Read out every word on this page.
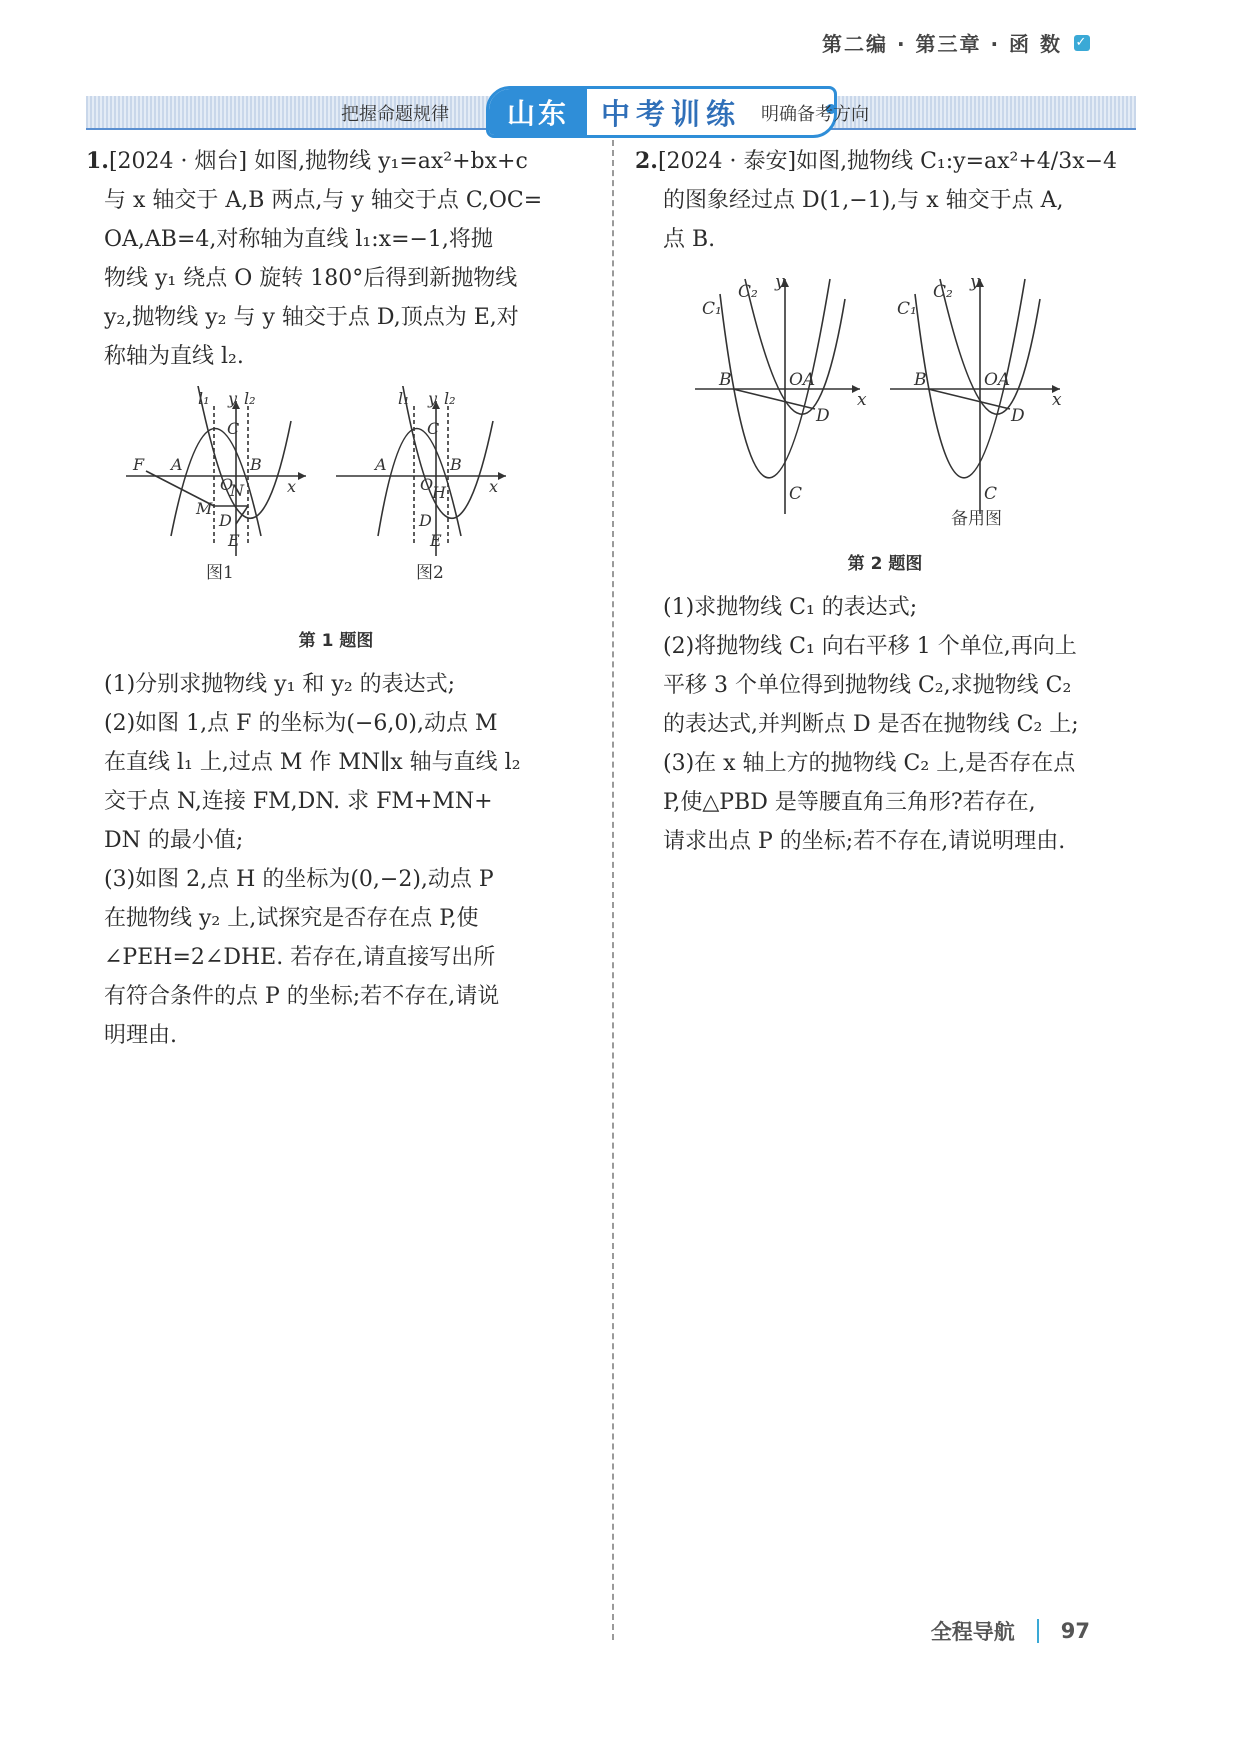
第二编 · 第三章 · 函 数 ✓
把握命题规律	山东	中考训练 明确备考方向

1.[2024 · 烟台] 如图,抛物线 y₁=ax²+bx+c

与 x 轴交于 A,B 两点,与 y 轴交于点 C,OC=

OA,AB=4,对称轴为直线 l₁:x=−1,将抛

物线 y₁ 绕点 O 旋转 180°后得到新抛物线

y₂,抛物线 y₂ 与 y 轴交于点 D,顶点为 E,对

称轴为直线 l₂.

F A	B
C
O
N
M
D
E
x
y
l₁ l₂
图1
A	B
C
O
H
D
E
x
y
l₁ l₂
图2
第 1 题图

(1)分别求抛物线 y₁ 和 y₂ 的表达式;

(2)如图 1,点 F 的坐标为(−6,0),动点 M

在直线 l₁ 上,过点 M 作 MN∥x 轴与直线 l₂

交于点 N,连接 FM,DN. 求 FM+MN+

DN 的最小值;

(3)如图 2,点 H 的坐标为(0,−2),动点 P

在抛物线 y₂ 上,试探究是否存在点 P,使

∠PEH=2∠DHE. 若存在,请直接写出所

有符合条件的点 P 的坐标;若不存在,请说

明理由.

2.[2024 · 泰安]如图,抛物线 C₁:y=ax²+4/3x−4

的图象经过点 D(1,−1),与 x 轴交于点 A,

点 B.

C₁
C₂ y
B	OA
D
C
x
C₁
C₂ y
B	OA
D
C
x
备用图
第 2 题图

(1)求抛物线 C₁ 的表达式;

(2)将抛物线 C₁ 向右平移 1 个单位,再向上

平移 3 个单位得到抛物线 C₂,求抛物线 C₂

的表达式,并判断点 D 是否在抛物线 C₂ 上;

(3)在 x 轴上方的抛物线 C₂ 上,是否存在点

P,使△PBD 是等腰直角三角形?若存在,

请求出点 P 的坐标;若不存在,请说明理由.

全程导航 97
